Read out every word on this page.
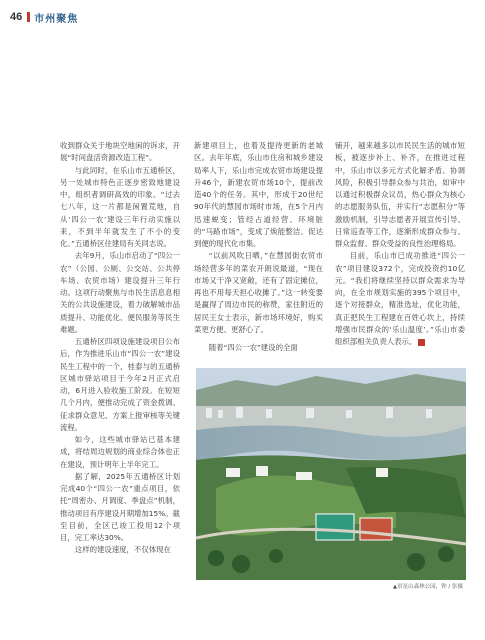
46 市州聚焦

收到群众关于地块空地闲的诉求，开展“时间盘活资源改造工程”。

与此同时，在乐山市五通桥区，另一处城市特色正逐步密致地建设中，组织者调研高效的印象。“过去七八年，这一片都是闲置荒地，自从‘四公一农’建设三年行动实施以来，不到半年就发生了不小的变化。”五通桥区住建局有关同志说。

去年9月，乐山市启动了“四公一农”（公园、公厕、公交站、公共停车场、农贸市场）建设提升三年行动。这项行动聚焦与市民生活息息相关的公共设施建设，着力破解城市品质提升、功能优化、便民服务等民生难题。

五通桥区四项设施建设项目公布后，作为推进乐山市“四公一农”建设民生工程中的一个，桂泰与的五通桥区城市驿站项目于今年2月正式启动，6月进入验收施工阶段。在短短几个月内，便推动完成了资金拨调、征求群众意见、方案上报审核等关键流程。

如今，这些城市驿站已基本建成，将结周边规划的商业综合体也正在建设，预计明年上半年完工。

据了解，2025年五通桥区计划完成40个“四公一农”重点项目，依托“周密办、月调度、季盘点”机制，推动项目有序建设月期增加15%。截至目前，全区已竣工投用12个项目，完工率达30%。

这样的建设速度，不仅体现在

新建项目上，也着及提待更新的老城区。去年年底，乐山市住房和城乡建设局率人下，乐山市完成农贸市场建设提升46个，新建农贸市场10个，提前改造40个的任务。其中，形成于20世纪90年代的慧园市场时市场，在5个月内迅速蜕变；管经占道经营、环境脏的“马路市场”，变成了焕能整洁、促达到便的现代化市集。

“以前风吹日晒，”在慧园街农贸市场经营多年的菜农开朗说最道，“现在市场又干净又宽敞，还有了固定摊位，再也不用每天担心收摊了。”这一转变要是赢得了周边市民的称赞，家住附近的居民王女士表示，新市场环境好，购买菜更方便、更舒心了。

随着“四公一农”建设的全面

铺开，越来越多以市民民生活的城市短板，被逐步补上、补齐，在推进过程中，乐山市以多元方式化解矛盾、协调风险，积极引导群众参与共治，如审中以通过积极群众议员，热心群众为核心的志愿服务队伍，并实行“志愿积分”等激励机制，引导志愿者开展宣传引导、日常巡查等工作，逐渐形成群众参与、群众监督、群众受益的良性治理格局。

目前，乐山市已成功推进“四公一农”项目建设372个，完成投资约10亿元。“我们将继续坚持以群众需求为导向，在全市规划实施的395个项目中，逐个对接群众，精准选址，优化功能，真正把民生工程建在百姓心坎上，持续增强市民群众的‘乐山温度’。”乐山市委组织部相关负责人表示。	■

▲景星山森林公园，钟 / 张摄
